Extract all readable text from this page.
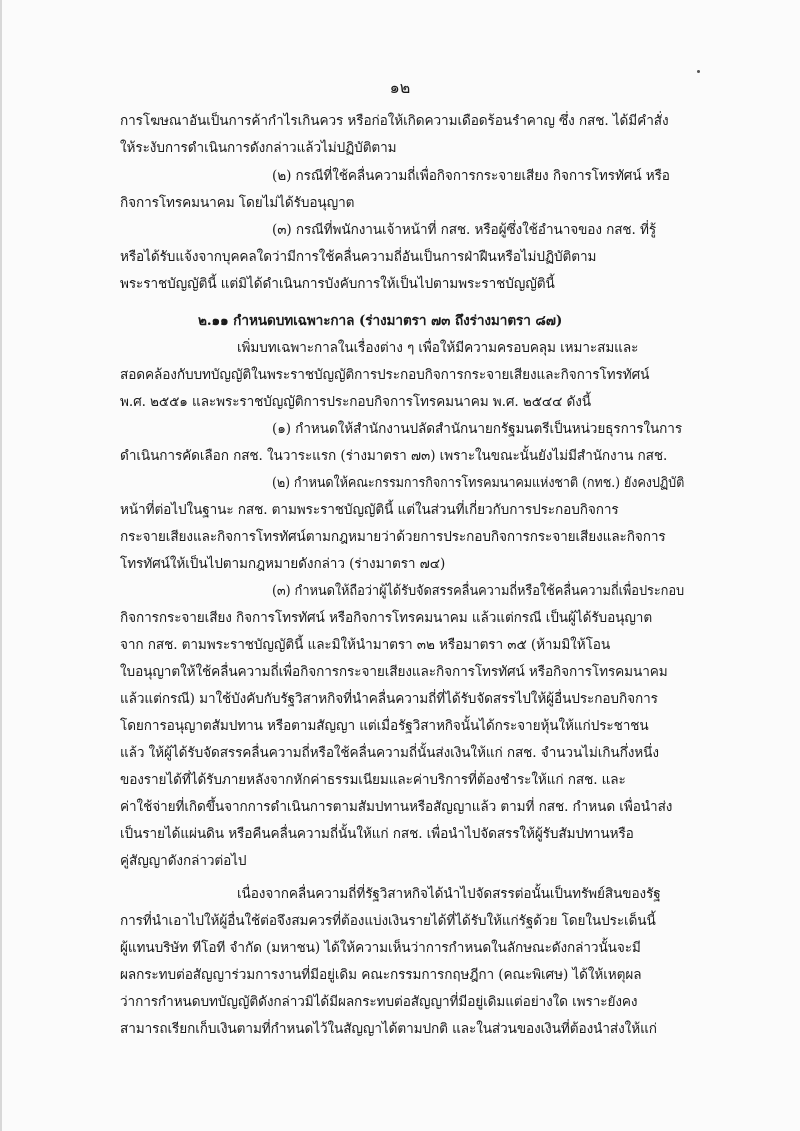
๑๒
การโฆษณาอันเป็นการค้ากำไรเกินควร หรือก่อให้เกิดความเดือดร้อนรำคาญ ซึ่ง กสช. ได้มีคำสั่ง
ให้ระงับการดำเนินการดังกล่าวแล้วไม่ปฏิบัติตาม
(๒) กรณีที่ใช้คลื่นความถี่เพื่อกิจการกระจายเสียง กิจการโทรทัศน์ หรือ
กิจการโทรคมนาคม โดยไม่ได้รับอนุญาต
(๓) กรณีที่พนักงานเจ้าหน้าที่ กสช. หรือผู้ซึ่งใช้อำนาจของ กสช. ที่รู้
หรือได้รับแจ้งจากบุคคลใดว่ามีการใช้คลื่นความถี่อันเป็นการฝ่าฝืนหรือไม่ปฏิบัติตาม
พระราชบัญญัตินี้ แต่มิได้ดำเนินการบังคับการให้เป็นไปตามพระราชบัญญัตินี้
๒.๑๑ กำหนดบทเฉพาะกาล (ร่างมาตรา ๗๓ ถึงร่างมาตรา ๘๗)
เพิ่มบทเฉพาะกาลในเรื่องต่าง ๆ เพื่อให้มีความครอบคลุม เหมาะสมและ
สอดคล้องกับบทบัญญัติในพระราชบัญญัติการประกอบกิจการกระจายเสียงและกิจการโทรทัศน์
พ.ศ. ๒๕๕๑ และพระราชบัญญัติการประกอบกิจการโทรคมนาคม พ.ศ. ๒๕๔๔ ดังนี้
(๑) กำหนดให้สำนักงานปลัดสำนักนายกรัฐมนตรีเป็นหน่วยธุรการในการ
ดำเนินการคัดเลือก กสช. ในวาระแรก (ร่างมาตรา ๗๓) เพราะในขณะนั้นยังไม่มีสำนักงาน กสช.
(๒) กำหนดให้คณะกรรมการกิจการโทรคมนาคมแห่งชาติ (กทช.) ยังคงปฏิบัติ
หน้าที่ต่อไปในฐานะ กสช. ตามพระราชบัญญัตินี้ แต่ในส่วนที่เกี่ยวกับการประกอบกิจการ
กระจายเสียงและกิจการโทรทัศน์ตามกฎหมายว่าด้วยการประกอบกิจการกระจายเสียงและกิจการ
โทรทัศน์ให้เป็นไปตามกฎหมายดังกล่าว (ร่างมาตรา ๗๔)
(๓) กำหนดให้ถือว่าผู้ได้รับจัดสรรคลื่นความถี่หรือใช้คลื่นความถี่เพื่อประกอบ
กิจการกระจายเสียง กิจการโทรทัศน์ หรือกิจการโทรคมนาคม แล้วแต่กรณี เป็นผู้ได้รับอนุญาต
จาก กสช. ตามพระราชบัญญัตินี้ และมิให้นำมาตรา ๓๒ หรือมาตรา ๓๕ (ห้ามมิให้โอน
ใบอนุญาตให้ใช้คลื่นความถี่เพื่อกิจการกระจายเสียงและกิจการโทรทัศน์ หรือกิจการโทรคมนาคม
แล้วแต่กรณี) มาใช้บังคับกับรัฐวิสาหกิจที่นำคลื่นความถี่ที่ได้รับจัดสรรไปให้ผู้อื่นประกอบกิจการ
โดยการอนุญาตสัมปทาน หรือตามสัญญา แต่เมื่อรัฐวิสาหกิจนั้นได้กระจายหุ้นให้แก่ประชาชน
แล้ว ให้ผู้ได้รับจัดสรรคลื่นความถี่หรือใช้คลื่นความถี่นั้นส่งเงินให้แก่ กสช. จำนวนไม่เกินกึ่งหนึ่ง
ของรายได้ที่ได้รับภายหลังจากหักค่าธรรมเนียมและค่าบริการที่ต้องชำระให้แก่ กสช. และ
ค่าใช้จ่ายที่เกิดขึ้นจากการดำเนินการตามสัมปทานหรือสัญญาแล้ว ตามที่ กสช. กำหนด เพื่อนำส่ง
เป็นรายได้แผ่นดิน หรือคืนคลื่นความถี่นั้นให้แก่ กสช. เพื่อนำไปจัดสรรให้ผู้รับสัมปทานหรือ
คู่สัญญาดังกล่าวต่อไป
เนื่องจากคลื่นความถี่ที่รัฐวิสาหกิจได้นำไปจัดสรรต่อนั้นเป็นทรัพย์สินของรัฐ
การที่นำเอาไปให้ผู้อื่นใช้ต่อจึงสมควรที่ต้องแบ่งเงินรายได้ที่ได้รับให้แก่รัฐด้วย โดยในประเด็นนี้
ผู้แทนบริษัท ทีโอที จำกัด (มหาชน) ได้ให้ความเห็นว่าการกำหนดในลักษณะดังกล่าวนั้นจะมี
ผลกระทบต่อสัญญาร่วมการงานที่มีอยู่เดิม คณะกรรมการกฤษฎีกา (คณะพิเศษ) ได้ให้เหตุผล
ว่าการกำหนดบทบัญญัติดังกล่าวมิได้มีผลกระทบต่อสัญญาที่มีอยู่เดิมแต่อย่างใด เพราะยังคง
สามารถเรียกเก็บเงินตามที่กำหนดไว้ในสัญญาได้ตามปกติ และในส่วนของเงินที่ต้องนำส่งให้แก่
